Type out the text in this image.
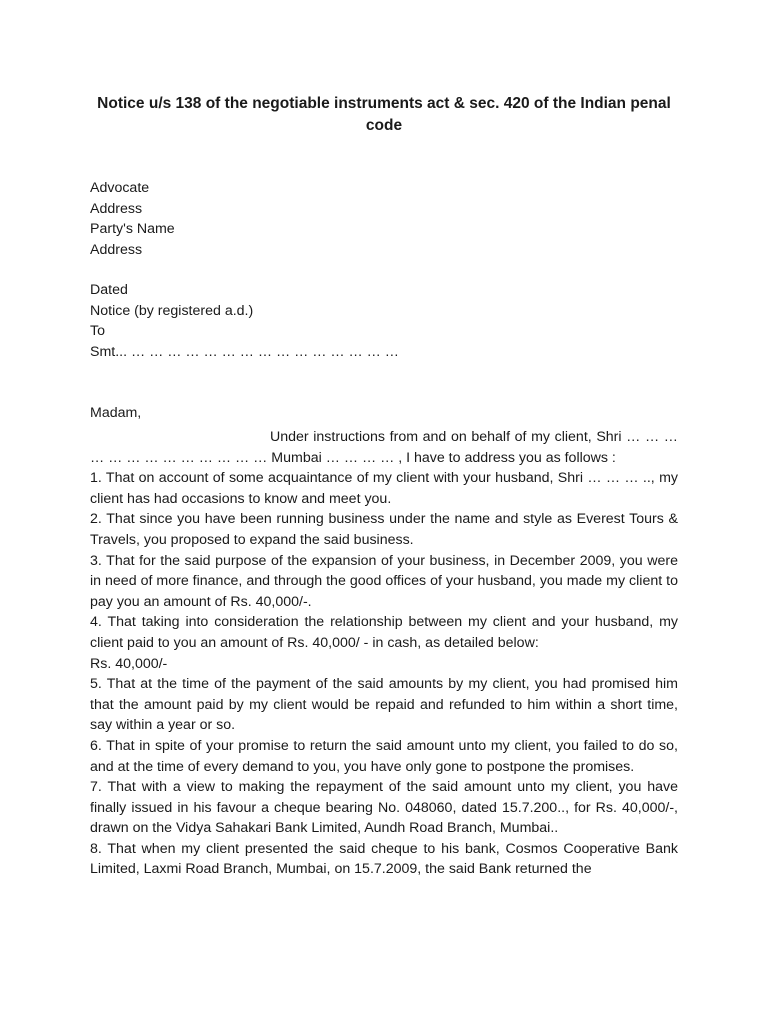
Notice u/s 138 of the negotiable instruments act & sec. 420 of the Indian penal code
Advocate
Address
Party's Name
Address
Dated
Notice (by registered a.d.)
To
Smt... … … … … … … … … … … … … … … …
Madam,

Under instructions from and on behalf of my client, Shri … … … … … … … … … … … … … Mumbai … … … … , I have to address you as follows :

1. That on account of some acquaintance of my client with your husband, Shri … … … .., my client has had occasions to know and meet you.

2. That since you have been running business under the name and style as Everest Tours & Travels, you proposed to expand the said business.

3. That for the said purpose of the expansion of your business, in December 2009, you were in need of more finance, and through the good offices of your husband, you made my client to pay you an amount of Rs. 40,000/-.

4. That taking into consideration the relationship between my client and your husband, my client paid to you an amount of Rs. 40,000/ - in cash, as detailed below:

Rs. 40,000/-

5. That at the time of the payment of the said amounts by my client, you had promised him that the amount paid by my client would be repaid and refunded to him within a short time, say within a year or so.

6. That in spite of your promise to return the said amount unto my client, you failed to do so, and at the time of every demand to you, you have only gone to postpone the promises.

7. That with a view to making the repayment of the said amount unto my client, you have finally issued in his favour a cheque bearing No. 048060, dated 15.7.200.., for Rs. 40,000/-, drawn on the Vidya Sahakari Bank Limited, Aundh Road Branch, Mumbai..

8. That when my client presented the said cheque to his bank, Cosmos Cooperative Bank Limited, Laxmi Road Branch, Mumbai, on 15.7.2009, the said Bank returned the
